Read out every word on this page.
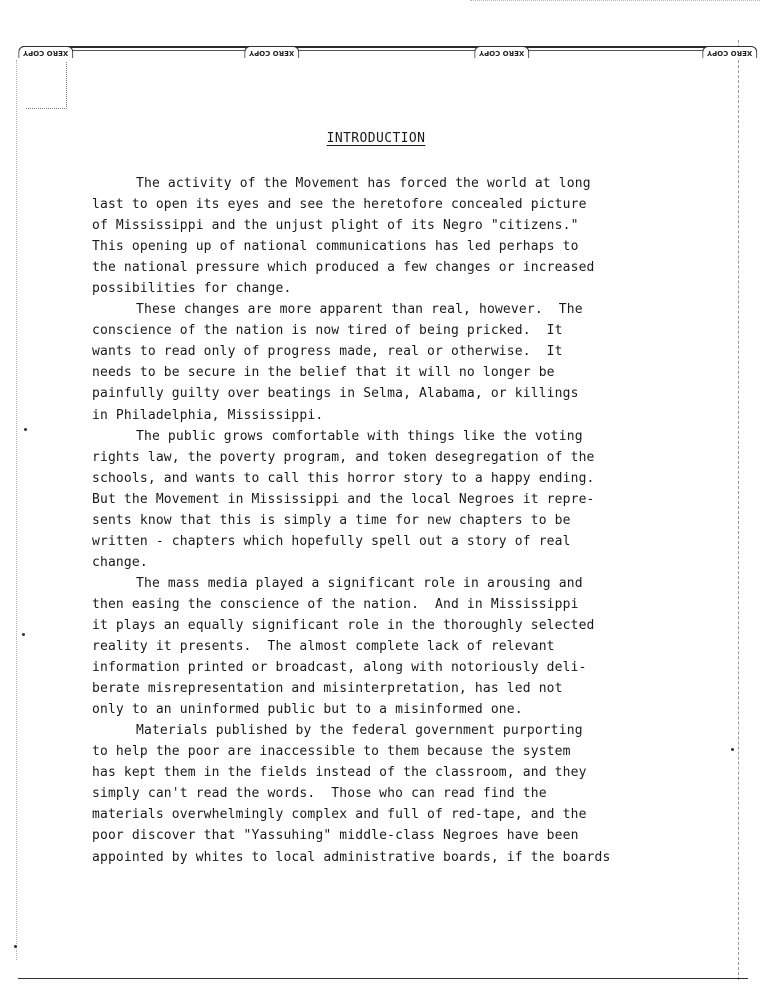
XERO COPY	XERO COPY	XERO COPY	XERO COPY
INTRODUCTION
The activity of the Movement has forced the world at long
last to open its eyes and see the heretofore concealed picture
of Mississippi and the unjust plight of its Negro "citizens."
This opening up of national communications has led perhaps to
the national pressure which produced a few changes or increased
possibilities for change.
These changes are more apparent than real, however.  The
conscience of the nation is now tired of being pricked.  It
wants to read only of progress made, real or otherwise.  It
needs to be secure in the belief that it will no longer be
painfully guilty over beatings in Selma, Alabama, or killings
in Philadelphia, Mississippi.
The public grows comfortable with things like the voting
rights law, the poverty program, and token desegregation of the
schools, and wants to call this horror story to a happy ending.
But the Movement in Mississippi and the local Negroes it repre-
sents know that this is simply a time for new chapters to be
written - chapters which hopefully spell out a story of real
change.
The mass media played a significant role in arousing and
then easing the conscience of the nation.  And in Mississippi
it plays an equally significant role in the thoroughly selected
reality it presents.  The almost complete lack of relevant
information printed or broadcast, along with notoriously deli-
berate misrepresentation and misinterpretation, has led not
only to an uninformed public but to a misinformed one.
Materials published by the federal government purporting
to help the poor are inaccessible to them because the system
has kept them in the fields instead of the classroom, and they
simply can't read the words.  Those who can read find the
materials overwhelmingly complex and full of red-tape, and the
poor discover that "Yassuhing" middle-class Negroes have been
appointed by whites to local administrative boards, if the boards
